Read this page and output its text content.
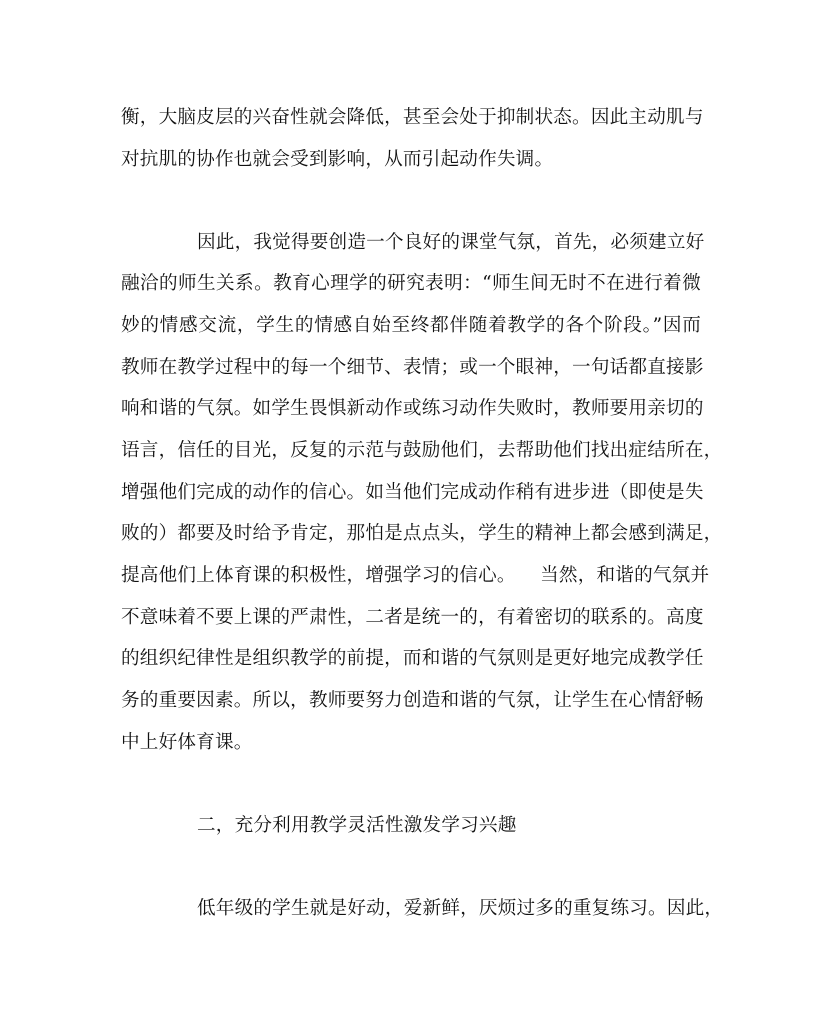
衡，大脑皮层的兴奋性就会降低，甚至会处于抑制状态。因此主动肌与
对抗肌的协作也就会受到影响，从而引起动作失调。
因此，我觉得要创造一个良好的课堂气氛，首先，必须建立好
融洽的师生关系。教育心理学的研究表明：“师生间无时不在进行着微
妙的情感交流，学生的情感自始至终都伴随着教学的各个阶段。”因而
教师在教学过程中的每一个细节、表情；或一个眼神，一句话都直接影
响和谐的气氛。如学生畏惧新动作或练习动作失败时，教师要用亲切的
语言，信任的目光，反复的示范与鼓励他们，去帮助他们找出症结所在，
增强他们完成的动作的信心。如当他们完成动作稍有进步进（即使是失
败的）都要及时给予肯定，那怕是点点头，学生的精神上都会感到满足，
提高他们上体育课的积极性，增强学习的信心。    当然，和谐的气氛并
不意味着不要上课的严肃性，二者是统一的，有着密切的联系的。高度
的组织纪律性是组织教学的前提，而和谐的气氛则是更好地完成教学任
务的重要因素。所以，教师要努力创造和谐的气氛，让学生在心情舒畅
中上好体育课。
二，充分利用教学灵活性激发学习兴趣
低年级的学生就是好动，爱新鲜，厌烦过多的重复练习。因此，
